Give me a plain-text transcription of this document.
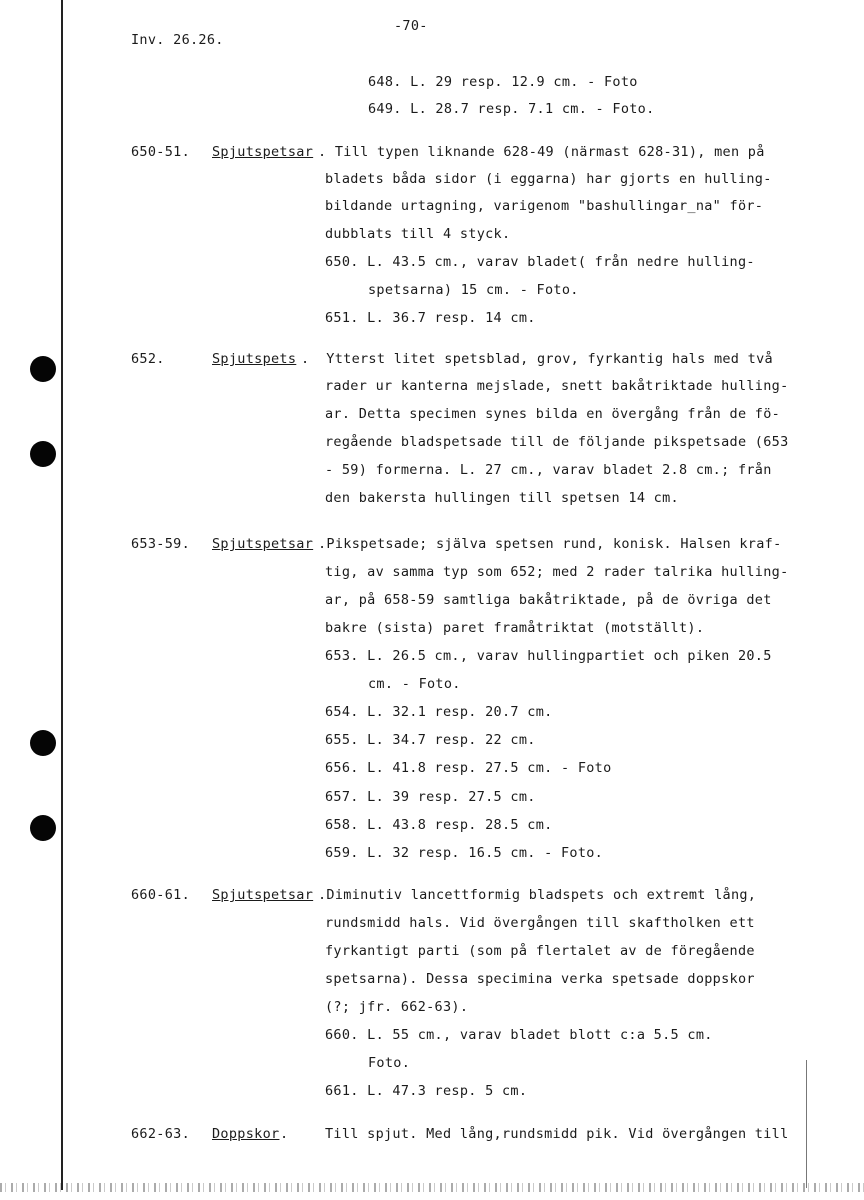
Inv. 26.26.
-70-
648. L. 29 resp. 12.9 cm. - Foto
649. L. 28.7 resp. 7.1 cm. - Foto.
650-51. Spjutspetsar . Till typen liknande 628-49 (närmast 628-31), men på
bladets båda sidor (i eggarna) har gjorts en hulling-
bildande urtagning, varigenom "bashullingar_na" för-
dubblats till 4 styck.
650. L. 43.5 cm., varav bladet( från nedre hulling-
spetsarna) 15 cm. - Foto.
651. L. 36.7 resp. 14 cm.
652.	Spjutspets .  Ytterst litet spetsblad, grov, fyrkantig hals med två
rader ur kanterna mejslade, snett bakåtriktade hulling-
ar. Detta specimen synes bilda en övergång från de fö-
regående bladspetsade till de följande pikspetsade (653
- 59) formerna. L. 27 cm., varav bladet 2.8 cm.; från
den bakersta hullingen till spetsen 14 cm.
653-59. Spjutspetsar .Pikspetsade; själva spetsen rund, konisk. Halsen kraf-
tig, av samma typ som 652; med 2 rader talrika hulling-
ar, på 658-59 samtliga bakåtriktade, på de övriga det
bakre (sista) paret framåtriktat (motställt).
653. L. 26.5 cm., varav hullingpartiet och piken 20.5
cm. - Foto.
654. L. 32.1 resp. 20.7 cm.
655. L. 34.7 resp. 22 cm.
656. L. 41.8 resp. 27.5 cm. - Foto
657. L. 39 resp. 27.5 cm.
658. L. 43.8 resp. 28.5 cm.
659. L. 32 resp. 16.5 cm. - Foto.
660-61. Spjutspetsar .Diminutiv lancettformig bladspets och extremt lång,
rundsmidd hals. Vid övergången till skaftholken ett
fyrkantigt parti (som på flertalet av de föregående
spetsarna). Dessa specimina verka spetsade doppskor
(?; jfr. 662-63).
660. L. 55 cm., varav bladet blott c:a 5.5 cm.
Foto.
661. L. 47.3 resp. 5 cm.
662-63. Doppskor .	Till spjut. Med lång,rundsmidd pik. Vid övergången till
